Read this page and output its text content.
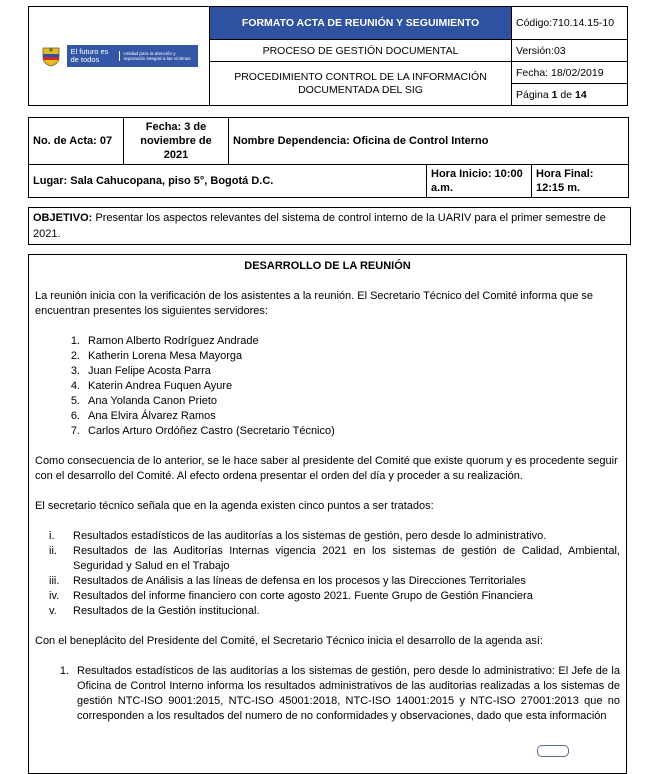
El futuro es de todos
Unidad para la atención y reparación integral a las víctimas	FORMATO ACTA DE REUNIÓN Y SEGUIMIENTO	Código:710.14.15-10
	PROCESO DE GESTIÓN DOCUMENTAL	Versión:03
	PROCEDIMIENTO CONTROL DE LA INFORMACIÓN DOCUMENTADA DEL SIG	Fecha: 18/02/2019
		Página 1 de 14
No. de Acta: 07	Fecha: 3 de noviembre de 2021	Nombre Dependencia: Oficina de Control Interno		
Lugar: Sala Cahucopana, piso 5°, Bogotá D.C.			Hora Inicio: 10:00 a.m.	Hora Final: 12:15 m.
OBJETIVO: Presentar los aspectos relevantes del sistema de control interno de la UARIV para el primer semestre de 2021.

DESARROLLO DE LA REUNIÓN

La reunión inicia con la verificación de los asistentes a la reunión. El Secretario Técnico del Comité informa que se encuentran presentes los siguientes servidores:

1. Ramon Alberto Rodríguez Andrade
2. Katherin Lorena Mesa Mayorga
3. Juan Felipe Acosta Parra
4. Katerin Andrea Fuquen Ayure
5. Ana Yolanda Canon Prieto
6. Ana Elvira Álvarez Ramos
7. Carlos Arturo Ordóñez Castro (Secretario Técnico)

Como consecuencia de lo anterior, se le hace saber al presidente del Comité que existe quorum y es procedente seguir con el desarrollo del Comité. Al efecto ordena presentar el orden del día y proceder a su realización.

El secretario técnico señala que en la agenda existen cinco puntos a ser tratados:

i.	Resultados estadísticos de las auditorías a los sistemas de gestión, pero desde lo administrativo.
ii.	Resultados de las Auditorías Internas vigencia 2021 en los sistemas de gestión de Calidad, Ambiental, Seguridad y Salud en el Trabajo
iii.	Resultados de Análisis a las líneas de defensa en los procesos y las Direcciones Territoriales
iv.	Resultados del informe financiero con corte agosto 2021. Fuente Grupo de Gestión Financiera
v.	Resultados de la Gestión institucional.

Con el beneplácito del Presidente del Comité, el Secretario Técnico inicia el desarrollo de la agenda así:

1. Resultados estadísticos de las auditorías a los sistemas de gestión, pero desde lo administrativo: El Jefe de la Oficina de Control Interno informa los resultados administrativos de las auditorias realizadas a los sistemas de gestión NTC-ISO 9001:2015, NTC-ISO 45001:2018, NTC-ISO 14001:2015 y NTC-ISO 27001:2013 que no corresponden a los resultados del numero de no conformidades y observaciones, dado que esta información
